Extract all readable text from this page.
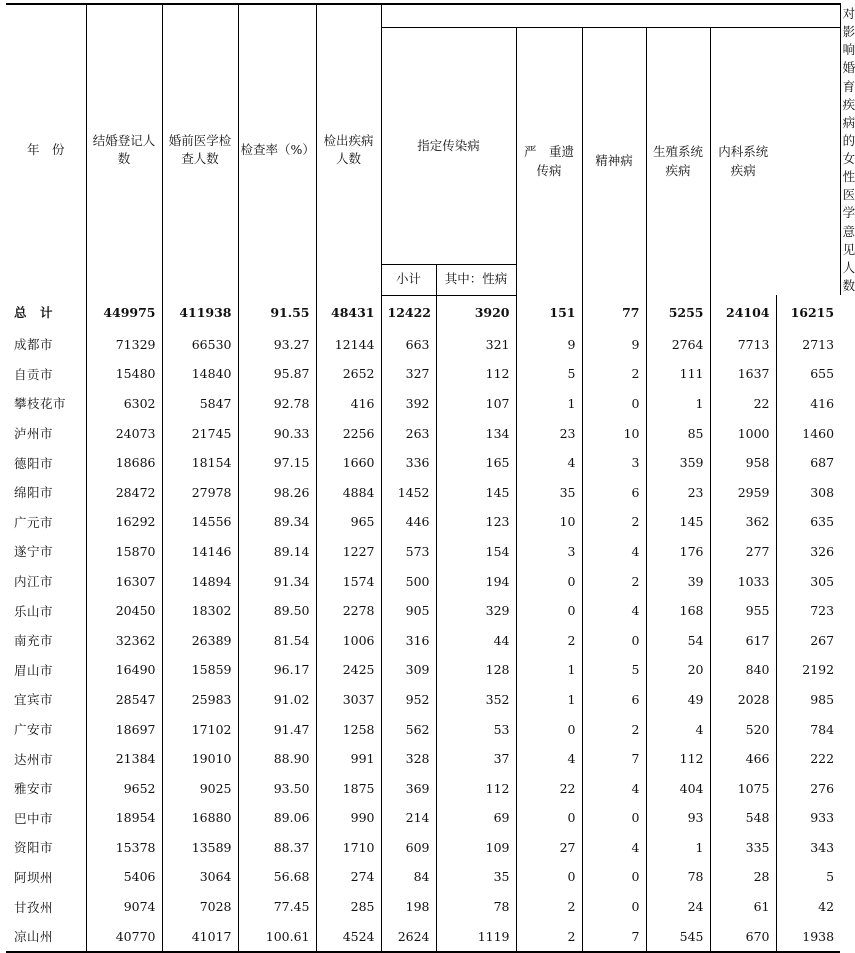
年　份	结婚登记人数	婚前医学检查人数	检查率（%）	检出疾病人数								对影响婚育疾病的女性医学意见人数
					指定传染病		严　重遗传病	精神病	生殖系统疾病	内科系统疾病		
					小计	其中：性病						
总　计	449975	411938	91.55	48431	12422	3920	151	77	5255	24104	16215	
成都市	71329	66530	93.27	12144	663	321	9	9	2764	7713	2713	
自贡市	15480	14840	95.87	2652	327	112	5	2	111	1637	655	
攀枝花市	6302	5847	92.78	416	392	107	1	0	1	22	416	
泸州市	24073	21745	90.33	2256	263	134	23	10	85	1000	1460	
德阳市	18686	18154	97.15	1660	336	165	4	3	359	958	687	
绵阳市	28472	27978	98.26	4884	1452	145	35	6	23	2959	308	
广元市	16292	14556	89.34	965	446	123	10	2	145	362	635	
遂宁市	15870	14146	89.14	1227	573	154	3	4	176	277	326	
内江市	16307	14894	91.34	1574	500	194	0	2	39	1033	305	
乐山市	20450	18302	89.50	2278	905	329	0	4	168	955	723	
南充市	32362	26389	81.54	1006	316	44	2	0	54	617	267	
眉山市	16490	15859	96.17	2425	309	128	1	5	20	840	2192	
宜宾市	28547	25983	91.02	3037	952	352	1	6	49	2028	985	
广安市	18697	17102	91.47	1258	562	53	0	2	4	520	784	
达州市	21384	19010	88.90	991	328	37	4	7	112	466	222	
雅安市	9652	9025	93.50	1875	369	112	22	4	404	1075	276	
巴中市	18954	16880	89.06	990	214	69	0	0	93	548	933	
资阳市	15378	13589	88.37	1710	609	109	27	4	1	335	343	
阿坝州	5406	3064	56.68	274	84	35	0	0	78	28	5	
甘孜州	9074	7028	77.45	285	198	78	2	0	24	61	42	
凉山州	40770	41017	100.61	4524	2624	1119	2	7	545	670	1938	
